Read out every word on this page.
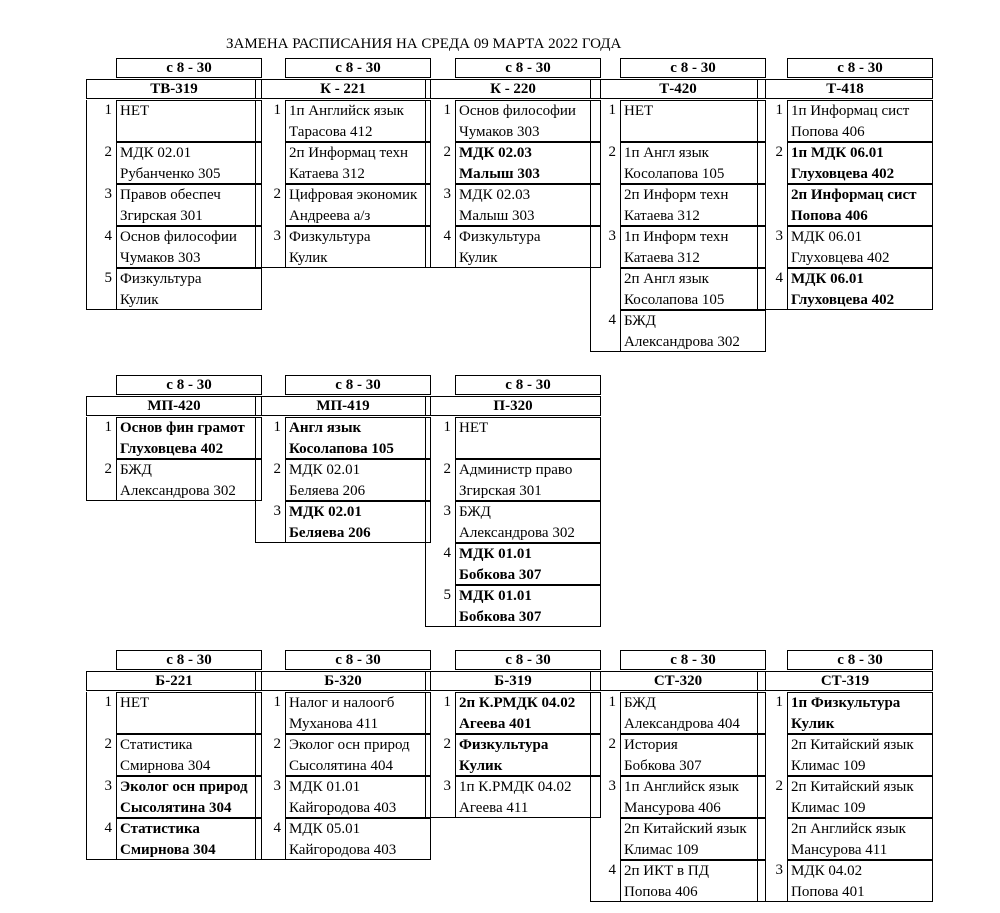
ЗАМЕНА РАСПИСАНИЯ НА СРЕДА 09 МАРТА 2022 ГОДА
с 8 - 30
ТВ-319
1 НЕТ
2 МДК 02.01
Рубанченко 305
3 Правов обеспеч
Згирская 301
4 Основ философии
Чумаков 303
5 Физкультура
Кулик
с 8 - 30
К - 221
1 1п Английск язык
Тарасова 412
2п Информац техн
Катаева 312
2 Цифровая экономик
Андреева а/з
3 Физкультура
Кулик
с 8 - 30
К - 220
1 Основ философии
Чумаков 303
2 МДК 02.03
Малыш 303
3 МДК 02.03
Малыш 303
4 Физкультура
Кулик
с 8 - 30
Т-420
1 НЕТ
2 1п Англ язык
Косолапова 105
2п Информ техн
Катаева 312
3 1п Информ техн
Катаева 312
2п Англ язык
Косолапова 105
4 БЖД
Александрова 302
с 8 - 30
Т-418
1 1п Информац сист
Попова 406
2 1п МДК 06.01
Глуховцева 402
2п Информац сист
Попова 406
3 МДК 06.01
Глуховцева 402
4 МДК 06.01
Глуховцева 402
с 8 - 30
МП-420
1 Основ фин грамот
Глуховцева 402
2 БЖД
Александрова 302
с 8 - 30
МП-419
1 Англ язык
Косолапова 105
2 МДК 02.01
Беляева 206
3 МДК 02.01
Беляева 206
с 8 - 30
П-320
1 НЕТ
2 Администр право
Згирская 301
3 БЖД
Александрова 302
4 МДК 01.01
Бобкова 307
5 МДК 01.01
Бобкова 307
с 8 - 30
Б-221
1 НЕТ
2 Статистика
Смирнова 304
3 Эколог осн природ
Сысолятина 304
4 Статистика
Смирнова 304
с 8 - 30
Б-320
1 Налог и налоогб
Муханова 411
2 Эколог осн природ
Сысолятина 404
3 МДК 01.01
Кайгородова 403
4 МДК 05.01
Кайгородова 403
с 8 - 30
Б-319
1 2п К.РМДК 04.02
Агеева 401
2 Физкультура
Кулик
3 1п К.РМДК 04.02
Агеева 411
с 8 - 30
СТ-320
1 БЖД
Александрова 404
2 История
Бобкова 307
3 1п Английск язык
Мансурова 406
2п Китайский язык
Климас 109
4 2п ИКТ в ПД
Попова 406
с 8 - 30
СТ-319
1 1п Физкультура
Кулик
2п Китайский язык
Климас 109
2 2п Китайский язык
Климас 109
2п Английск язык
Мансурова 411
3 МДК 04.02
Попова 401
